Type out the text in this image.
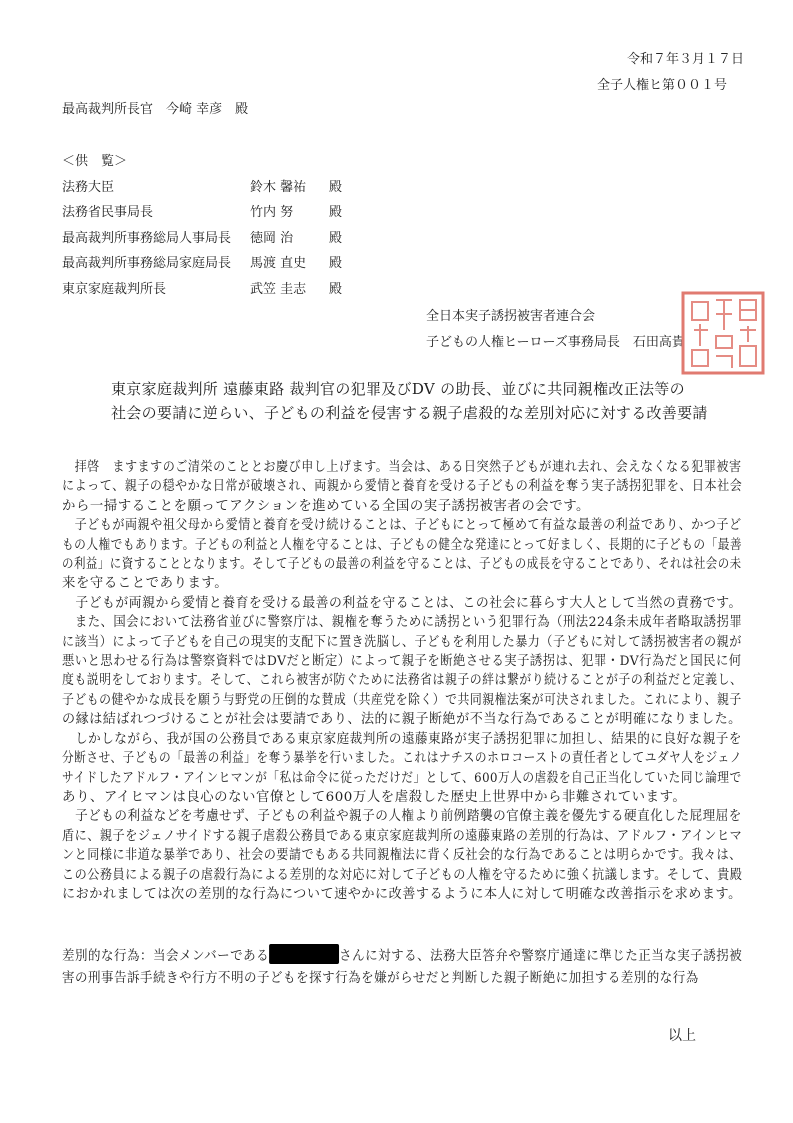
令和７年３月１７日
全子人権ヒ第００１号
最高裁判所長官　今崎 幸彦　殿
＜供　覧＞
法務大臣	鈴木 馨祐 殿
法務省民事局長	竹内 努	殿
最高裁判所事務総局人事局長 徳岡 治	殿
最高裁判所事務総局家庭局長 馬渡 直史 殿
東京家庭裁判所長	武笠 圭志 殿
全日本実子誘拐被害者連合会
子どもの人権ヒーローズ事務局長　石田高貴
東京家庭裁判所 遠藤東路 裁判官の犯罪及びDV の助長、並びに共同親権改正法等の
社会の要請に逆らい、子どもの利益を侵害する親子虐殺的な差別対応に対する改善要請
　拝啓　ますますのご清栄のこととお慶び申し上げます。当会は、ある日突然子どもが連れ去れ、会えなくなる犯罪被害
によって、親子の穏やかな日常が破壊され、両親から愛情と養育を受ける子どもの利益を奪う実子誘拐犯罪を、日本社会
から一掃することを願ってアクションを進めている全国の実子誘拐被害者の会です。
　子どもが両親や祖父母から愛情と養育を受け続けることは、子どもにとって極めて有益な最善の利益であり、かつ子ど
もの人権でもあります。子どもの利益と人権を守ることは、子どもの健全な発達にとって好ましく、長期的に子どもの「最善
の利益」に資することとなります。そして子どもの最善の利益を守ることは、子どもの成長を守ることであり、それは社会の未
来を守ることであります。
　子どもが両親から愛情と養育を受ける最善の利益を守ることは、この社会に暮らす大人として当然の責務です。
　また、国会において法務省並びに警察庁は、親権を奪うために誘拐という犯罪行為（刑法224条未成年者略取誘拐罪
に該当）によって子どもを自己の現実的支配下に置き洗脳し、子どもを利用した暴力（子どもに対して誘拐被害者の親が
悪いと思わせる行為は警察資料ではDVだと断定）によって親子を断絶させる実子誘拐は、犯罪・DV行為だと国民に何
度も説明をしております。そして、これら被害が防ぐために法務省は親子の絆は繋がり続けることが子の利益だと定義し、
子どもの健やかな成長を願う与野党の圧倒的な賛成（共産党を除く）で共同親権法案が可決されました。これにより、親子
の縁は結ばれつづけることが社会は要請であり、法的に親子断絶が不当な行為であることが明確になりました。
　しかしながら、我が国の公務員である東京家庭裁判所の遠藤東路が実子誘拐犯罪に加担し、結果的に良好な親子を
分断させ、子どもの「最善の利益」を奪う暴挙を行いました。これはナチスのホロコーストの責任者としてユダヤ人をジェノ
サイドしたアドルフ・アインヒマンが「私は命令に従っただけだ」として、600万人の虐殺を自己正当化していた同じ論理で
あり、アイヒマンは良心のない官僚として600万人を虐殺した歴史上世界中から非難されています。
　子どもの利益などを考慮せず、子どもの利益や親子の人権より前例踏襲の官僚主義を優先する硬直化した屁理屈を
盾に、親子をジェノサイドする親子虐殺公務員である東京家庭裁判所の遠藤東路の差別的行為は、アドルフ・アインヒマ
ンと同様に非道な暴挙であり、社会の要請でもある共同親権法に背く反社会的な行為であることは明らかです。我々は、
この公務員による親子の虐殺行為による差別的な対応に対して子どもの人権を守るために強く抗議します。そして、貴殿
におかれましては次の差別的な行為について速やかに改善するように本人に対して明確な改善指示を求めます。
差別的な行為：当会メンバーである	さんに対する、法務大臣答弁や警察庁通達に準じた正当な実子誘拐被
害の刑事告訴手続きや行方不明の子どもを探す行為を嫌がらせだと判断した親子断絶に加担する差別的な行為
以上
